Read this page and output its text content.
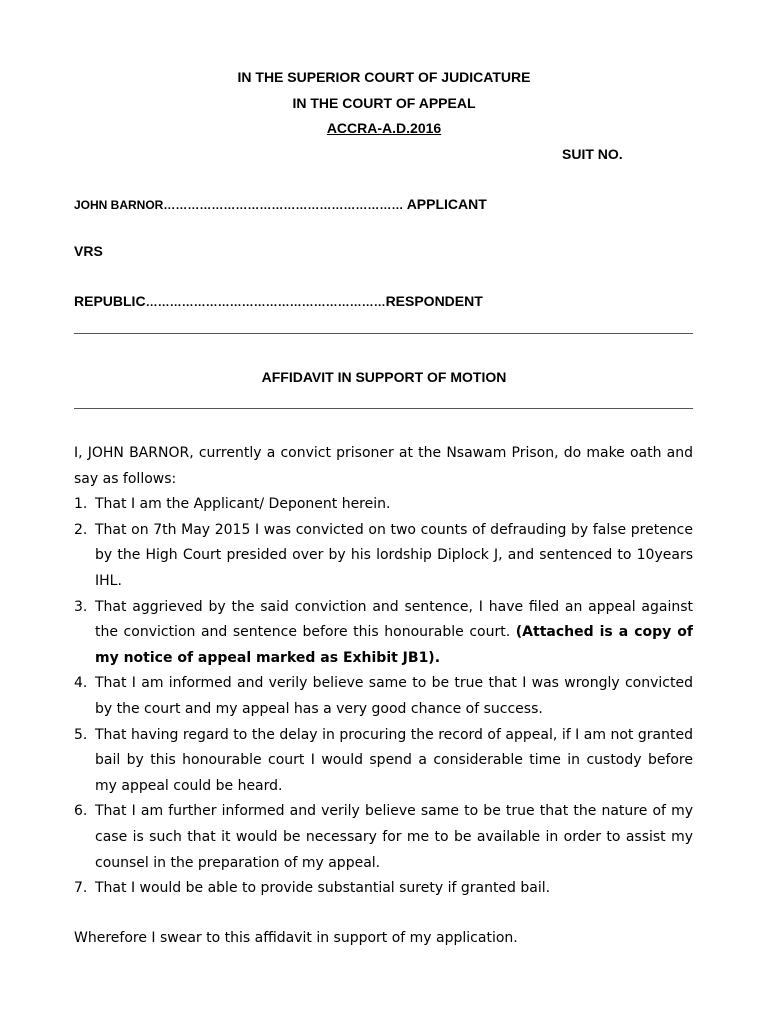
IN THE SUPERIOR COURT OF JUDICATURE
IN THE COURT OF APPEAL
ACCRA-A.D.2016
SUIT NO.
JOHN BARNOR…………………………………………………… APPLICANT
VRS
REPUBLIC……………………………………………………RESPONDENT
AFFIDAVIT IN SUPPORT OF MOTION

I, JOHN BARNOR, currently a convict prisoner at the Nsawam Prison, do make oath and say as follows:

1. That I am the Applicant/ Deponent herein.
2. That on 7th May 2015 I was convicted on two counts of defrauding by false pretence by the High Court presided over by his lordship Diplock J, and sentenced to 10years IHL.
3. That aggrieved by the said conviction and sentence, I have filed an appeal against the conviction and sentence before this honourable court. (Attached is a copy of my notice of appeal marked as Exhibit JB1).
4. That I am informed and verily believe same to be true that I was wrongly convicted by the court and my appeal has a very good chance of success.
5. That having regard to the delay in procuring the record of appeal, if I am not granted bail by this honourable court I would spend a considerable time in custody before my appeal could be heard.
6. That I am further informed and verily believe same to be true that the nature of my case is such that it would be necessary for me to be available in order to assist my counsel in the preparation of my appeal.
7. That I would be able to provide substantial surety if granted bail.
Wherefore I swear to this affidavit in support of my application.
